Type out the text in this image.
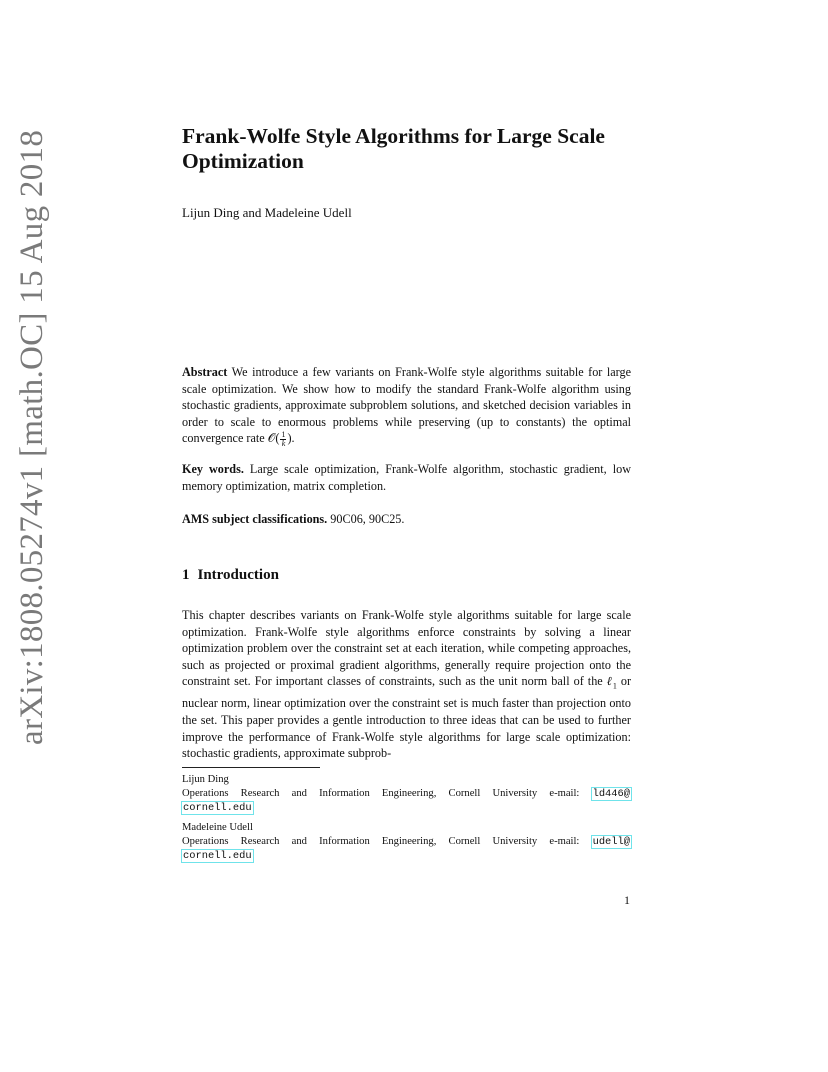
arXiv:1808.05274v1 [math.OC] 15 Aug 2018	Frank-Wolfe Style Algorithms for Large Scale
Optimization
Lijun Ding and Madeleine Udell
Abstract We introduce a few variants on Frank-Wolfe style algorithms suitable for large scale optimization. We show how to modify the standard Frank-Wolfe algorithm using stochastic gradients, approximate subproblem solutions, and sketched decision variables in order to scale to enormous problems while preserving (up to constants) the optimal convergence rate 𝒪( $\frac{1}{k}$ ).
Key words. Large scale optimization, Frank-Wolfe algorithm, stochastic gradient, low memory optimization, matrix completion.
AMS subject classifications. 90C06, 90C25.
1 Introduction
This chapter describes variants on Frank-Wolfe style algorithms suitable for large scale optimization. Frank-Wolfe style algorithms enforce constraints by solving a linear optimization problem over the constraint set at each iteration, while competing approaches, such as projected or proximal gradient algorithms, generally require projection onto the constraint set. For important classes of constraints, such as the unit norm ball of the ℓ$_1$ or nuclear norm, linear optimization over the constraint set is much faster than projection onto the set. This paper provides a gentle introduction to three ideas that can be used to further improve the performance of Frank-Wolfe style algorithms for large scale optimization: stochastic gradients, approximate subprob-
Lijun Ding
Operations Research and Information Engineering, Cornell University e-mail: ld446@
cornell.edu
Madeleine Udell
Operations Research and Information Engineering, Cornell University e-mail: udell@
cornell.edu
1
